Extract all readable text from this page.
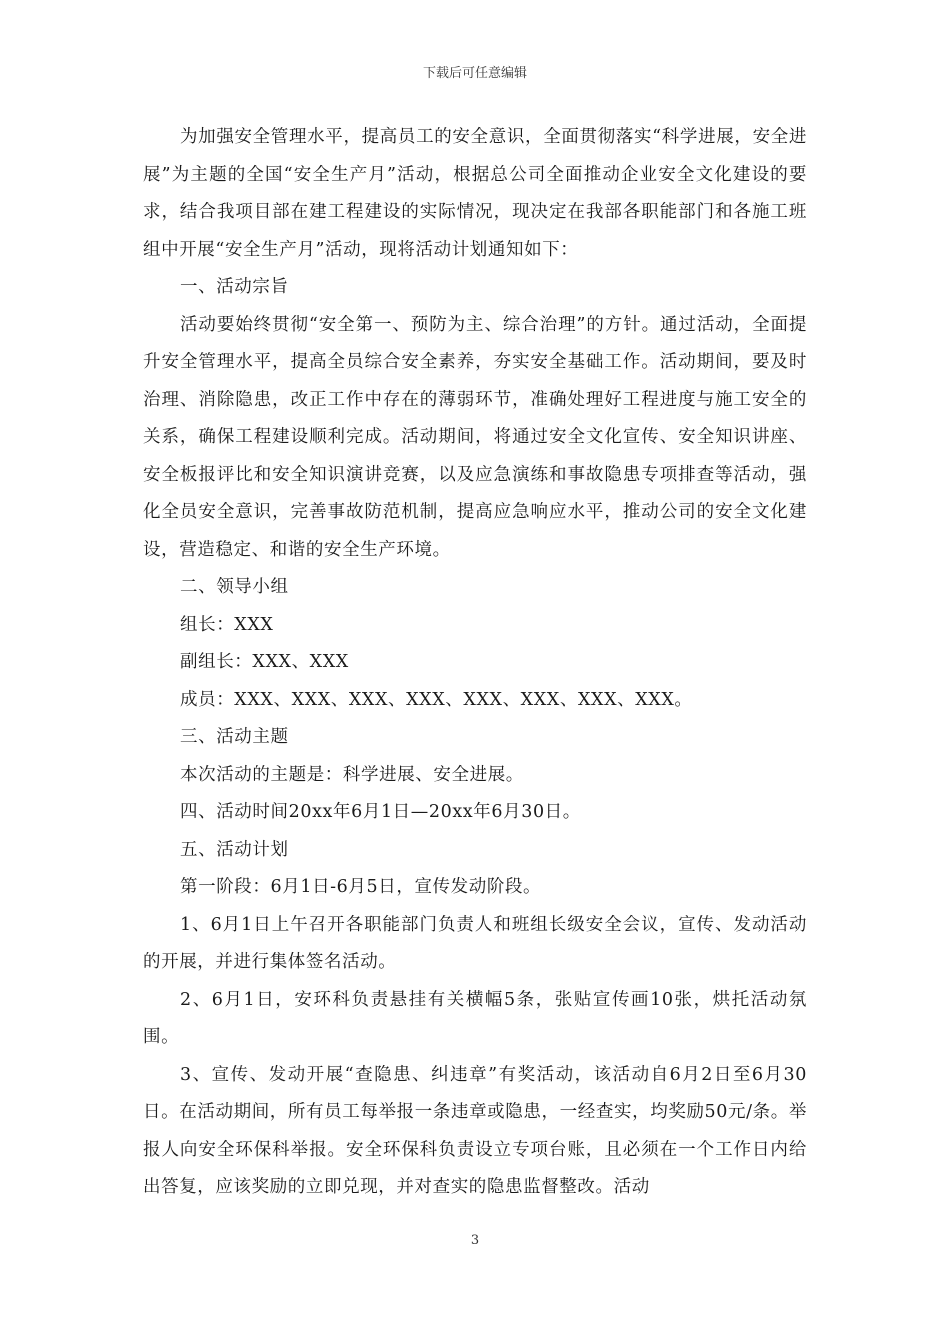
下载后可任意编辑

为加强安全管理水平，提高员工的安全意识，全面贯彻落实“科学进展，安全进展”为主题的全国“安全生产月”活动，根据总公司全面推动企业安全文化建设的要求，结合我项目部在建工程建设的实际情况，现决定在我部各职能部门和各施工班组中开展“安全生产月”活动，现将活动计划通知如下：

一、活动宗旨

活动要始终贯彻“安全第一、预防为主、综合治理”的方针。通过活动，全面提升安全管理水平，提高全员综合安全素养，夯实安全基础工作。活动期间，要及时治理、消除隐患，改正工作中存在的薄弱环节，准确处理好工程进度与施工安全的关系，确保工程建设顺利完成。活动期间，将通过安全文化宣传、安全知识讲座、安全板报评比和安全知识演讲竞赛，以及应急演练和事故隐患专项排查等活动，强化全员安全意识，完善事故防范机制，提高应急响应水平，推动公司的安全文化建设，营造稳定、和谐的安全生产环境。

二、领导小组

组长：XXX

副组长：XXX、XXX

成员：XXX、XXX、XXX、XXX、XXX、XXX、XXX、XXX。

三、活动主题

本次活动的主题是：科学进展、安全进展。

四、活动时间20xx年6月1日—20xx年6月30日。

五、活动计划

第一阶段：6月1日-6月5日，宣传发动阶段。

1、6月1日上午召开各职能部门负责人和班组长级安全会议，宣传、发动活动的开展，并进行集体签名活动。

2、6月1日，安环科负责悬挂有关横幅5条，张贴宣传画10张，烘托活动氛围。

3、宣传、发动开展“查隐患、纠违章”有奖活动，该活动自6月2日至6月30日。在活动期间，所有员工每举报一条违章或隐患，一经查实，均奖励50元/条。举报人向安全环保科举报。安全环保科负责设立专项台账，且必须在一个工作日内给出答复，应该奖励的立即兑现，并对查实的隐患监督整改。活动

3
